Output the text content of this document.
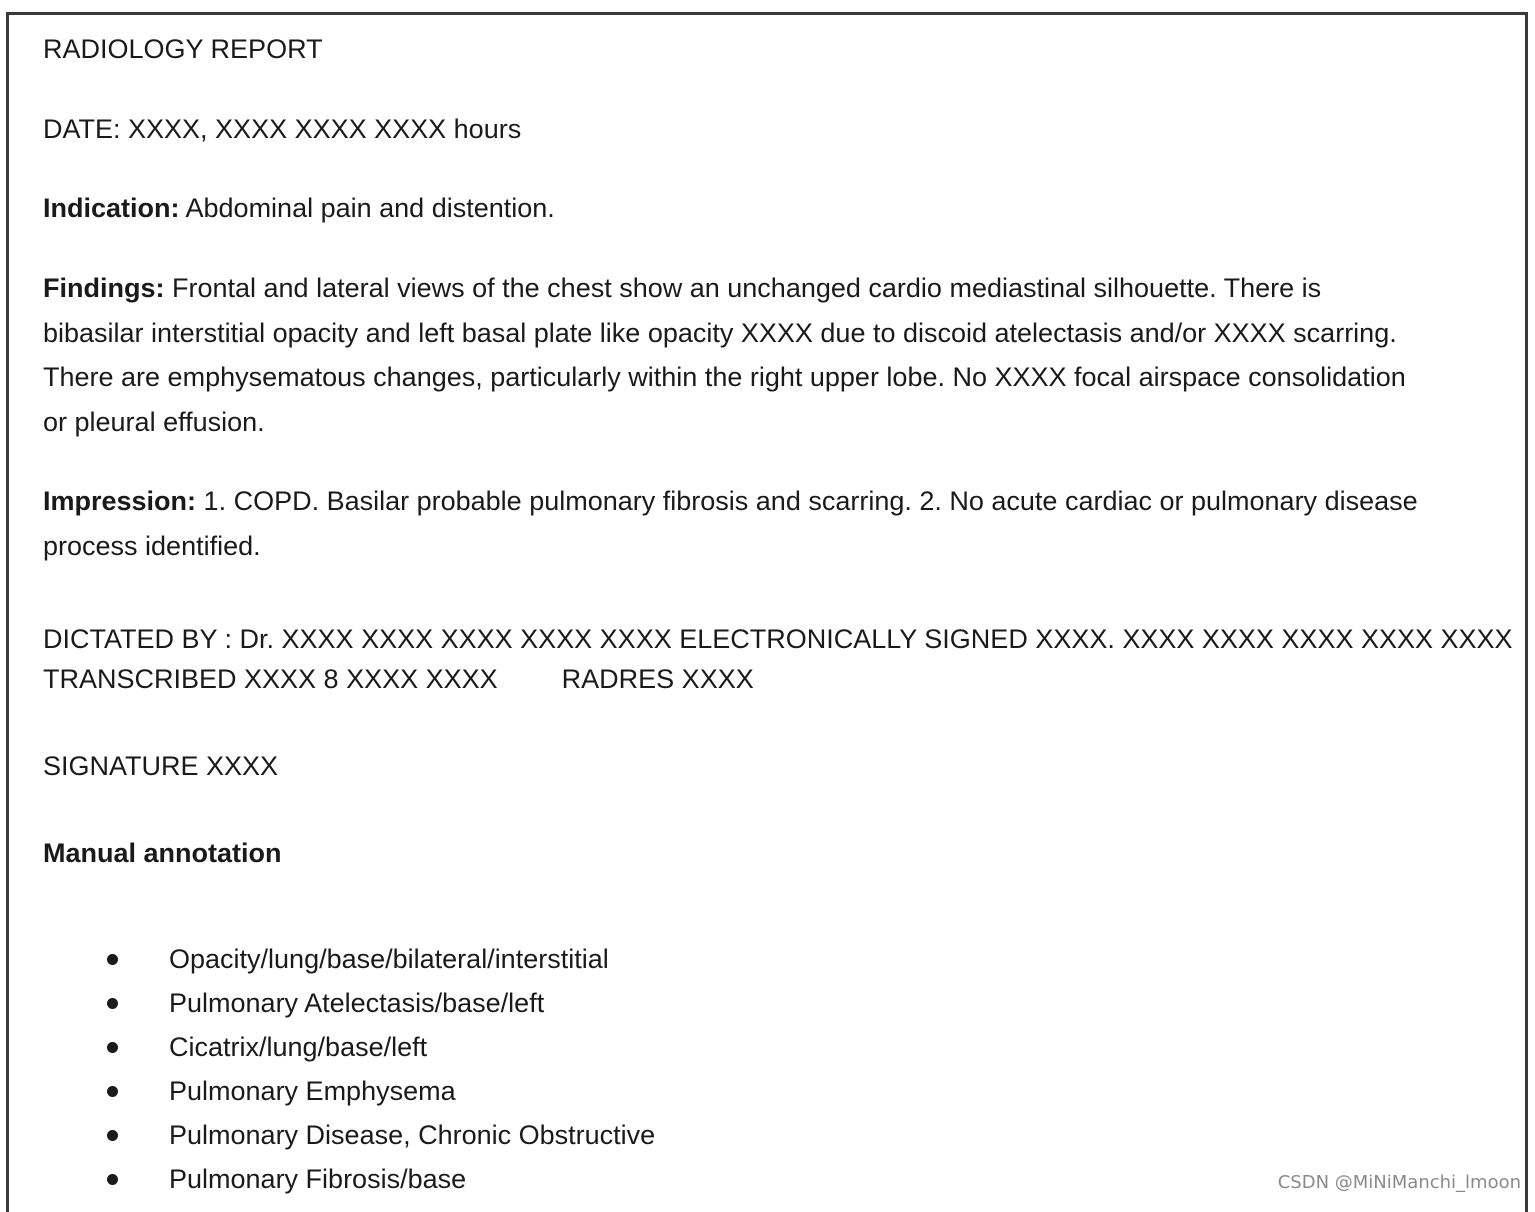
RADIOLOGY REPORT
DATE: XXXX, XXXX XXXX XXXX hours
Indication: Abdominal pain and distention.
Findings: Frontal and lateral views of the chest show an unchanged cardio mediastinal silhouette. There is
bibasilar interstitial opacity and left basal plate like opacity XXXX due to discoid atelectasis and/or XXXX scarring.
There are emphysematous changes, particularly within the right upper lobe. No XXXX focal airspace consolidation
or pleural effusion.
Impression: 1. COPD. Basilar probable pulmonary fibrosis and scarring. 2. No acute cardiac or pulmonary disease
process identified.
DICTATED BY : Dr. XXXX XXXX XXXX XXXX XXXX ELECTRONICALLY SIGNED XXXX. XXXX XXXX XXXX XXXX XXXX
TRANSCRIBED XXXX 8 XXXX XXXX RADRES XXXX
SIGNATURE XXXX
Manual annotation
Opacity/lung/base/bilateral/interstitial
Pulmonary Atelectasis/base/left
Cicatrix/lung/base/left
Pulmonary Emphysema
Pulmonary Disease, Chronic Obstructive
Pulmonary Fibrosis/base	CSDN @MiNiManchi_lmoon
